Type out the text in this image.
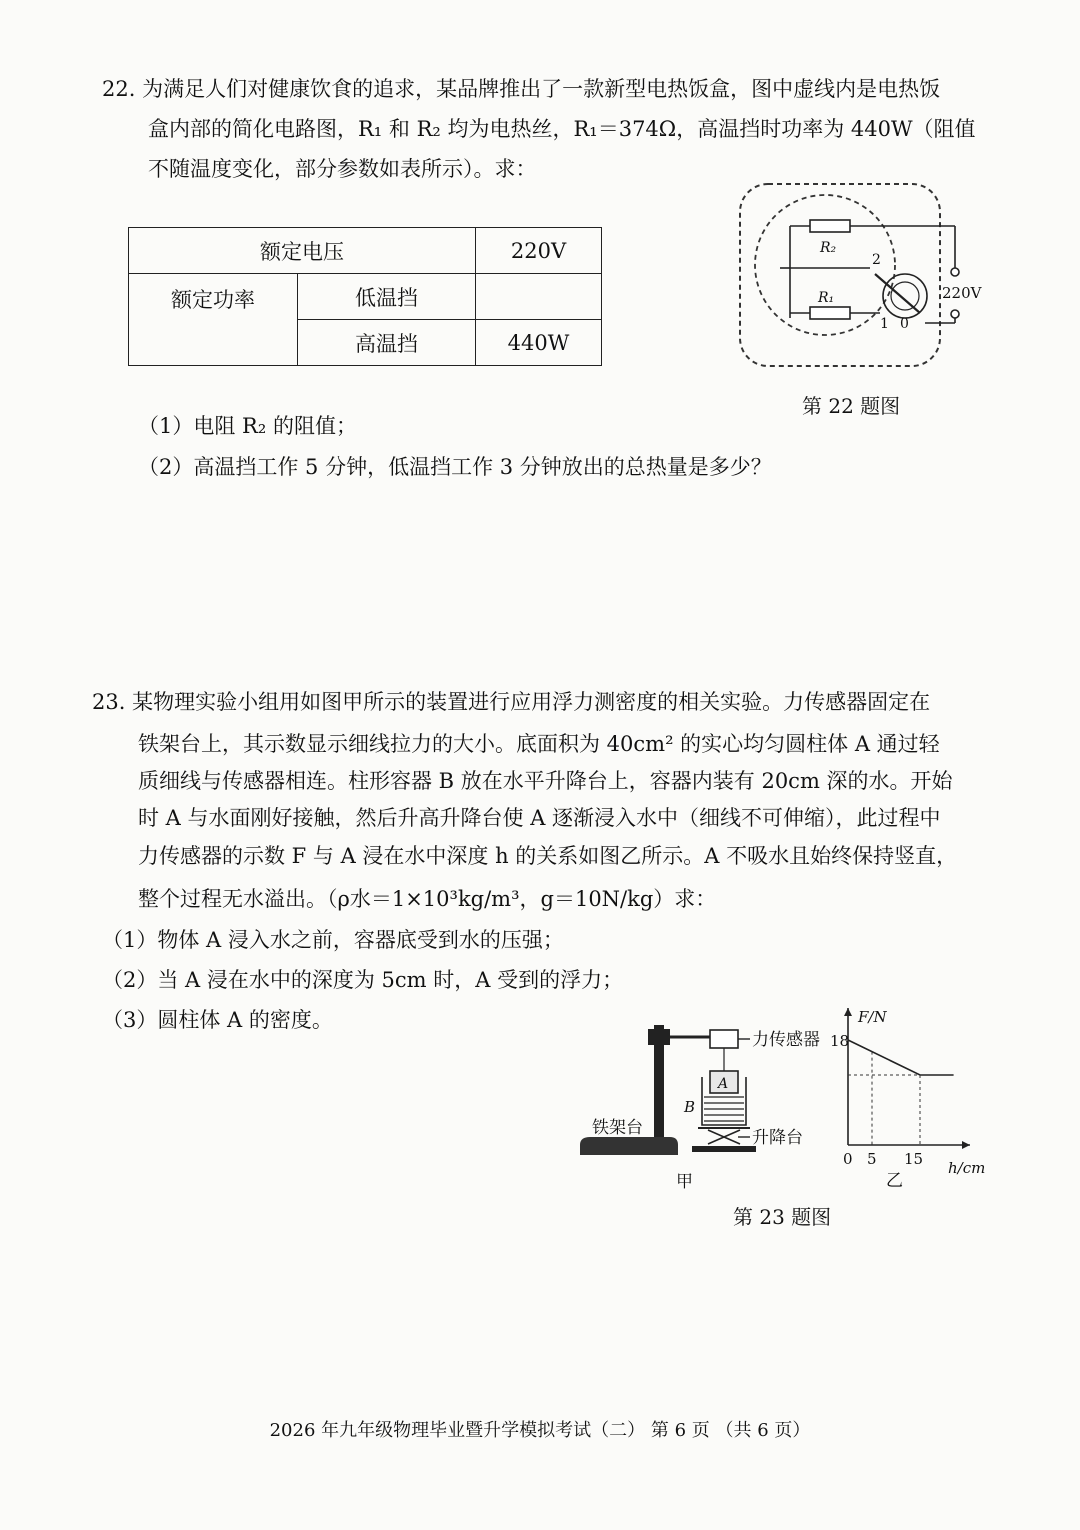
22. 为满足人们对健康饮食的追求，某品牌推出了一款新型电热饭盒，图中虚线内是电热饭
盒内部的简化电路图，R₁ 和 R₂ 均为电热丝，R₁＝374Ω，高温挡时功率为 440W（阻值
不随温度变化，部分参数如表所示）。求：
额定电压		220V
额定功率	低温挡	
	高温挡	440W
R₂
R₁
2
1 0
220V
第 22 题图
（1）电阻 R₂ 的阻值；
（2）高温挡工作 5 分钟，低温挡工作 3 分钟放出的总热量是多少？
23. 某物理实验小组用如图甲所示的装置进行应用浮力测密度的相关实验。力传感器固定在
铁架台上，其示数显示细线拉力的大小。底面积为 40cm² 的实心均匀圆柱体 A 通过轻
质细线与传感器相连。柱形容器 B 放在水平升降台上，容器内装有 20cm 深的水。开始
时 A 与水面刚好接触，然后升高升降台使 A 逐渐浸入水中（细线不可伸缩），此过程中
力传感器的示数 F 与 A 浸在水中深度 h 的关系如图乙所示。A 不吸水且始终保持竖直，
整个过程无水溢出。（ρ水＝1×10³kg/m³，g＝10N/kg）求：
（1）物体 A 浸入水之前，容器底受到水的压强；
（2）当 A 浸在水中的深度为 5cm 时，A 受到的浮力；
（3）圆柱体 A 的密度。
力传感器
A
B
升降台
铁架台
甲
F/N
h/cm
18
0 5 15
乙
第 23 题图
2026 年九年级物理毕业暨升学模拟考试（二） 第 6 页 （共 6 页）
